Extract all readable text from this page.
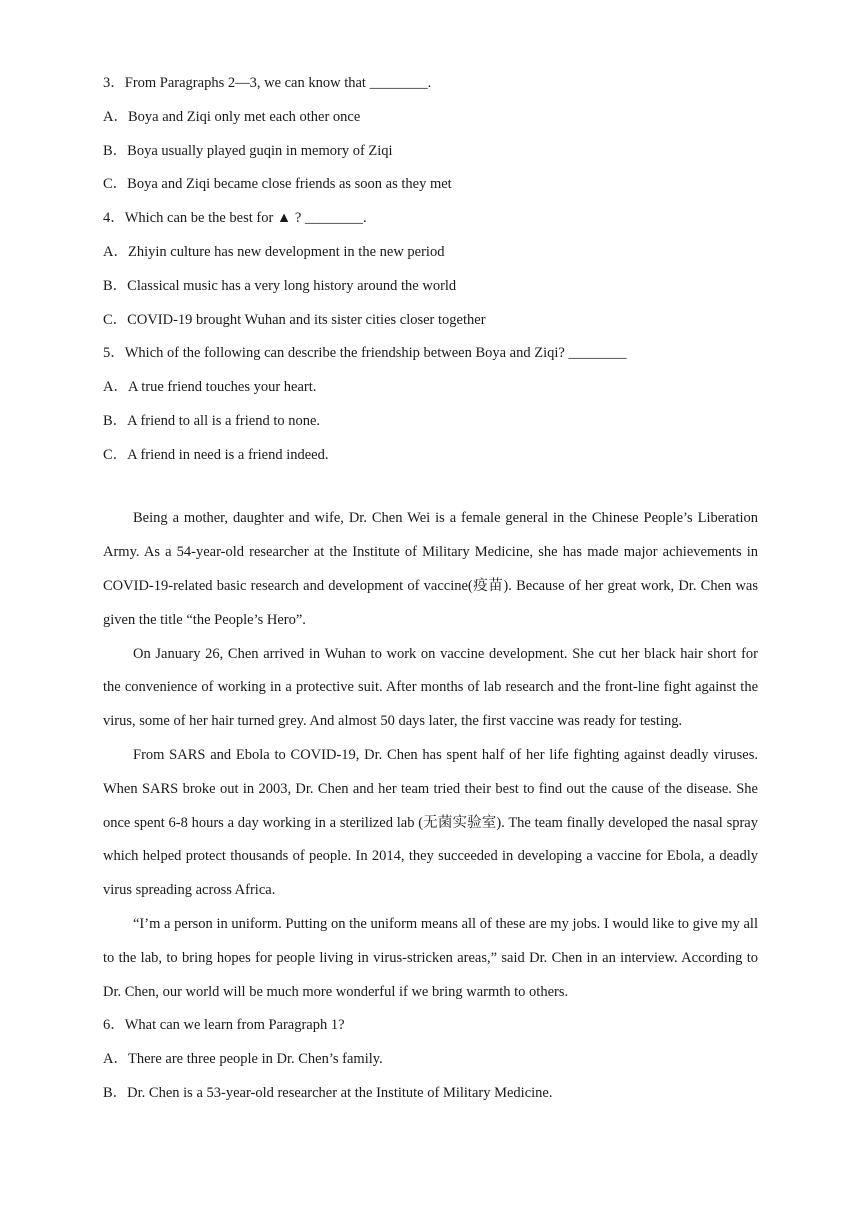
3．From Paragraphs 2—3, we can know that ________.
A．Boya and Ziqi only met each other once
B．Boya usually played guqin in memory of Ziqi
C．Boya and Ziqi became close friends as soon as they met
4．Which can be the best for ▲ ? ________.
A．Zhiyin culture has new development in the new period
B．Classical music has a very long history around the world
C．COVID-19 brought Wuhan and its sister cities closer together
5．Which of the following can describe the friendship between Boya and Ziqi? ________
A．A true friend touches your heart.
B．A friend to all is a friend to none.
C．A friend in need is a friend indeed.

Being a mother, daughter and wife, Dr. Chen Wei is a female general in the Chinese People’s Liberation Army. As a 54-year-old researcher at the Institute of Military Medicine, she has made major achievements in COVID-19-related basic research and development of vaccine(疫苗). Because of her great work, Dr. Chen was given the title “the People’s Hero”.

On January 26, Chen arrived in Wuhan to work on vaccine development. She cut her black hair short for the convenience of working in a protective suit. After months of lab research and the front-line fight against the virus, some of her hair turned grey. And almost 50 days later, the first vaccine was ready for testing.

From SARS and Ebola to COVID-19, Dr. Chen has spent half of her life fighting against deadly viruses. When SARS broke out in 2003, Dr. Chen and her team tried their best to find out the cause of the disease. She once spent 6-8 hours a day working in a sterilized lab (无菌实验室). The team finally developed the nasal spray which helped protect thousands of people. In 2014, they succeeded in developing a vaccine for Ebola, a deadly virus spreading across Africa.

“I’m a person in uniform. Putting on the uniform means all of these are my jobs. I would like to give my all to the lab, to bring hopes for people living in virus-stricken areas,” said Dr. Chen in an interview. According to Dr. Chen, our world will be much more wonderful if we bring warmth to others.

6．What can we learn from Paragraph 1?
A．There are three people in Dr. Chen’s family.
B．Dr. Chen is a 53-year-old researcher at the Institute of Military Medicine.
